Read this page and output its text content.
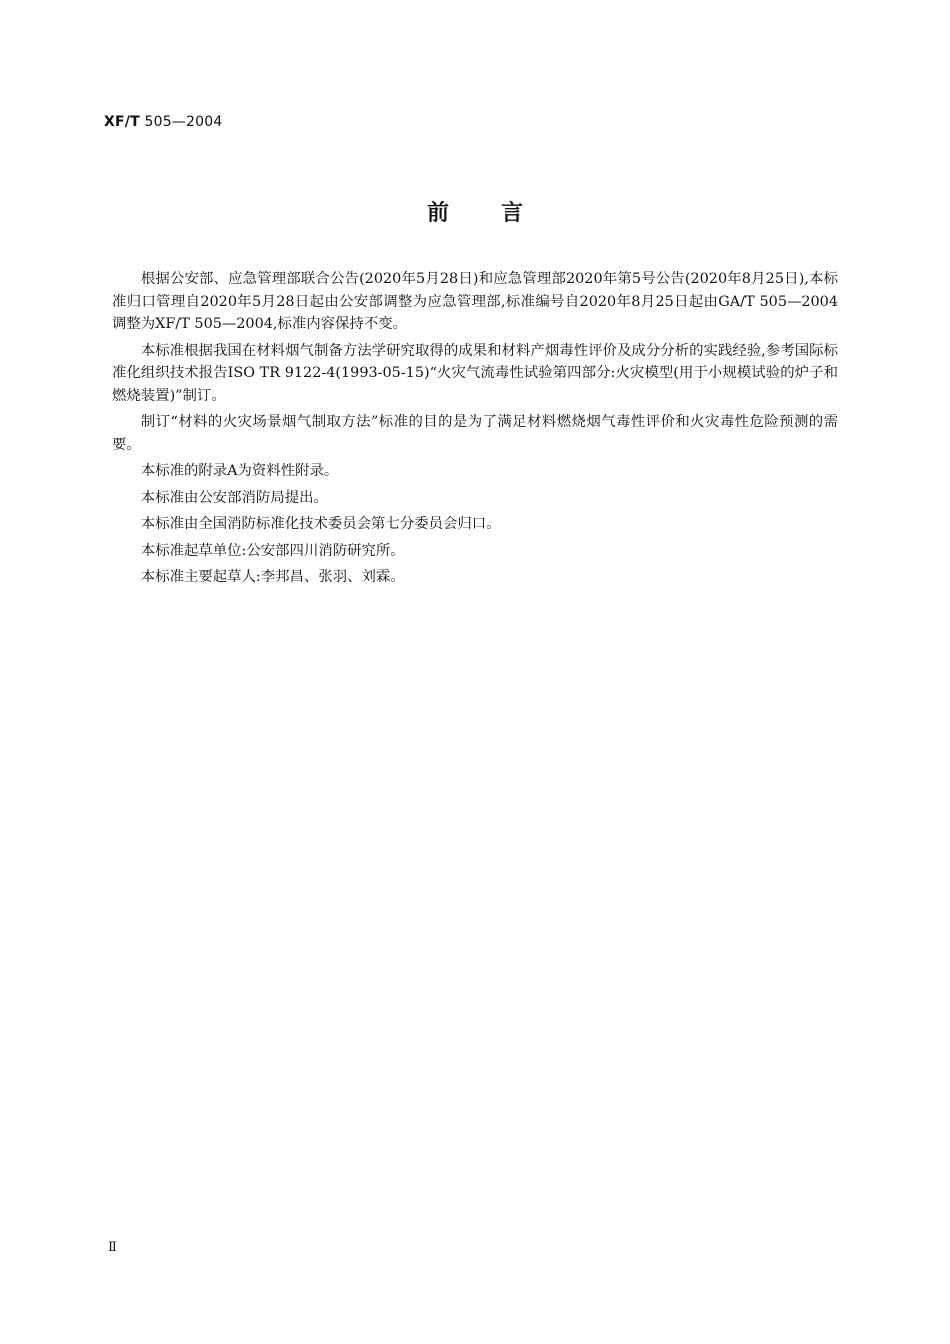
XF/T 505—2004
前言

根据公安部、应急管理部联合公告(2020年5月28日)和应急管理部2020年第5号公告(2020年8月25日),本标准归口管理自2020年5月28日起由公安部调整为应急管理部,标准编号自2020年8月25日起由GA/T 505—2004调整为XF/T 505—2004,标准内容保持不变。

本标准根据我国在材料烟气制备方法学研究取得的成果和材料产烟毒性评价及成分分析的实践经验,参考国际标准化组织技术报告ISO TR 9122-4(1993-05-15)“火灾气流毒性试验第四部分:火灾模型(用于小规模试验的炉子和燃烧装置)”制订。

制订“材料的火灾场景烟气制取方法”标准的目的是为了满足材料燃烧烟气毒性评价和火灾毒性危险预测的需要。

本标准的附录A为资料性附录。

本标准由公安部消防局提出。

本标准由全国消防标准化技术委员会第七分委员会归口。

本标准起草单位:公安部四川消防研究所。

本标准主要起草人:李邦昌、张羽、刘霖。

Ⅱ
